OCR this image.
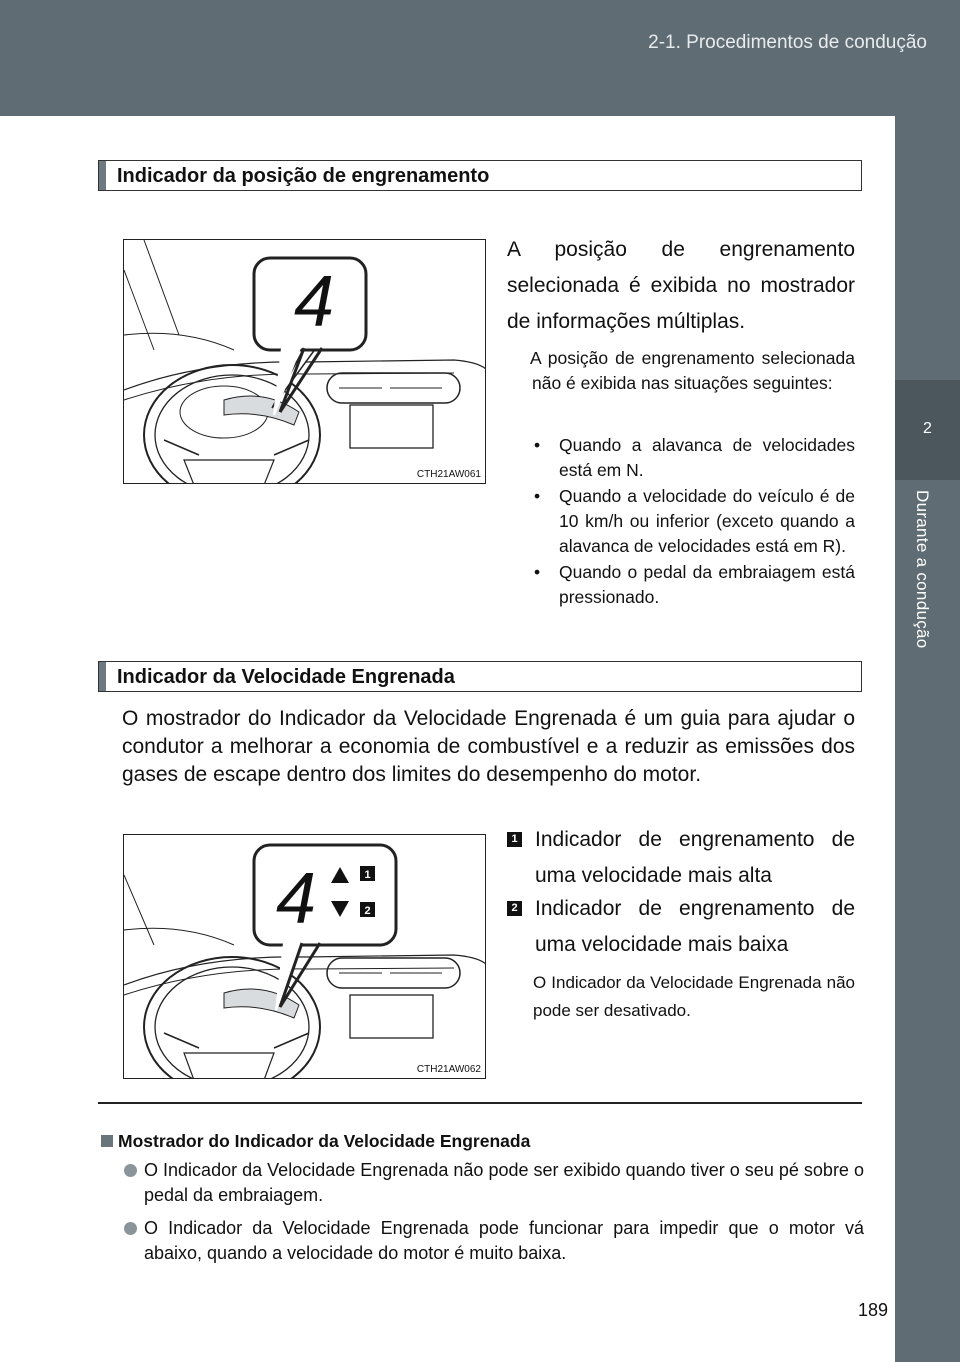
2-1. Procedimentos de condução
2
Durante a condução
Indicador da posição de engrenamento
4
CTH21AW061
A posição de engrenamento selecionada é exibida no mostrador de informações múltiplas.
A posição de engrenamento selecionada não é exibida nas situações seguintes:
• Quando a alavanca de velocidades está em N.
• Quando a velocidade do veículo é de 10 km/h ou inferior (exceto quando a alavanca de velocidades está em R).
• Quando o pedal da embraiagem está pressionado.
Indicador da Velocidade Engrenada
O mostrador do Indicador da Velocidade Engrenada é um guia para ajudar o condutor a melhorar a economia de combustível e a reduzir as emissões dos gases de escape dentro dos limites do desempenho do motor.
4	1
2
CTH21AW062
1 Indicador de engrenamento de uma velocidade mais alta
2 Indicador de engrenamento de uma velocidade mais baixa
O Indicador da Velocidade Engrenada não pode ser desativado.
Mostrador do Indicador da Velocidade Engrenada
O Indicador da Velocidade Engrenada não pode ser exibido quando tiver o seu pé sobre o pedal da embraiagem.
O Indicador da Velocidade Engrenada pode funcionar para impedir que o motor vá abaixo, quando a velocidade do motor é muito baixa.
189
